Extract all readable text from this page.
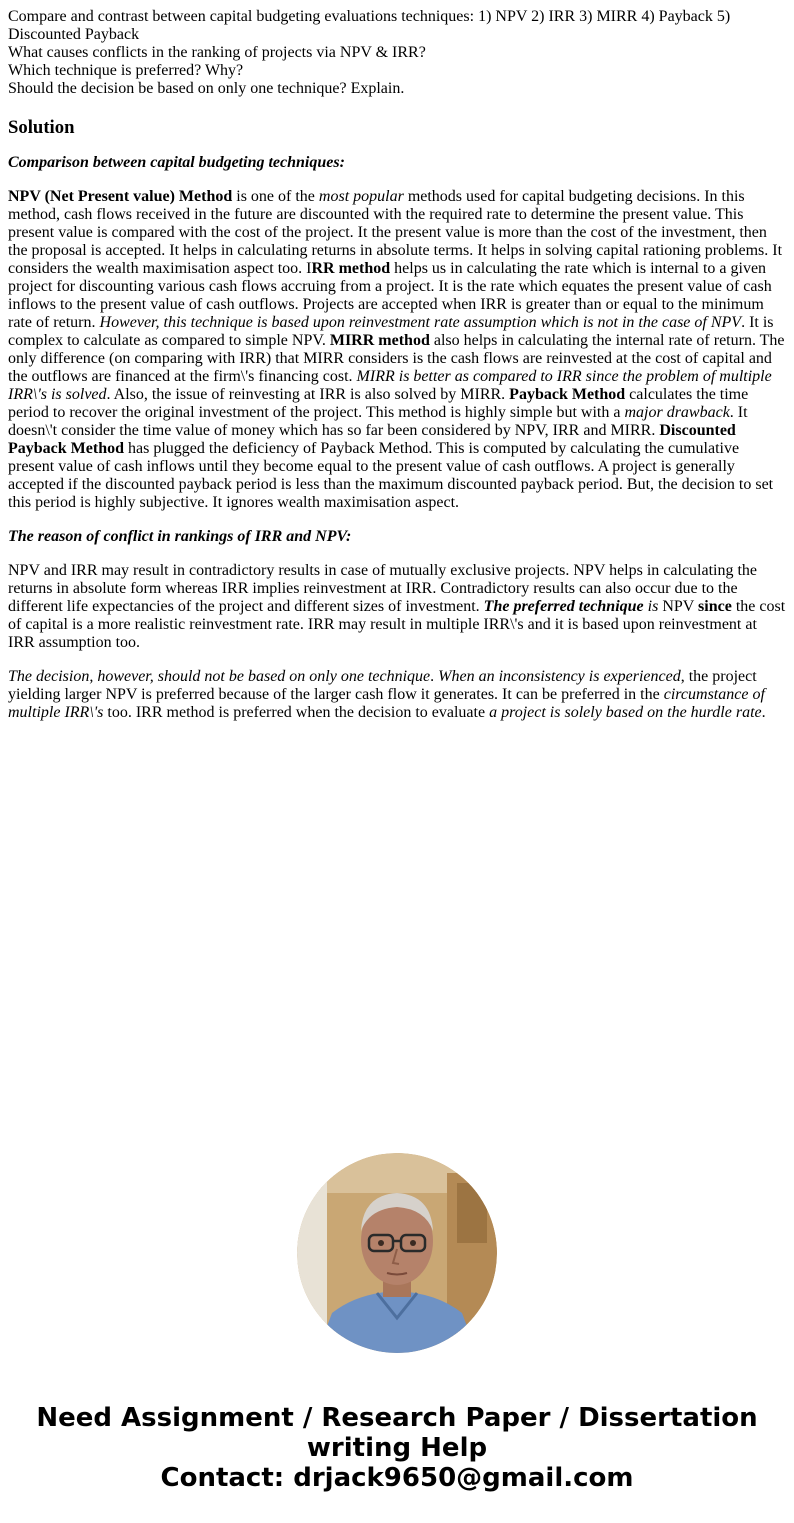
Compare and contrast between capital budgeting evaluations techniques: 1) NPV 2) IRR 3) MIRR 4) Payback 5) Discounted Payback

What causes conflicts in the ranking of projects via NPV & IRR?

Which technique is preferred? Why?

Should the decision be based on only one technique? Explain.

Solution

Comparison between capital budgeting techniques:

NPV (Net Present value) Method is one of the most popular methods used for capital budgeting decisions. In this method, cash flows received in the future are discounted with the required rate to determine the present value. This present value is compared with the cost of the project. It the present value is more than the cost of the investment, then the proposal is accepted. It helps in calculating returns in absolute terms. It helps in solving capital rationing problems. It considers the wealth maximisation aspect too. IRR method helps us in calculating the rate which is internal to a given project for discounting various cash flows accruing from a project. It is the rate which equates the present value of cash inflows to the present value of cash outflows. Projects are accepted when IRR is greater than or equal to the minimum rate of return. However, this technique is based upon reinvestment rate assumption which is not in the case of NPV. It is complex to calculate as compared to simple NPV. MIRR method also helps in calculating the internal rate of return. The only difference (on comparing with IRR) that MIRR considers is the cash flows are reinvested at the cost of capital and the outflows are financed at the firm\'s financing cost. MIRR is better as compared to IRR since the problem of multiple IRR\'s is solved. Also, the issue of reinvesting at IRR is also solved by MIRR. Payback Method calculates the time period to recover the original investment of the project. This method is highly simple but with a major drawback. It doesn\'t consider the time value of money which has so far been considered by NPV, IRR and MIRR. Discounted Payback Method has plugged the deficiency of Payback Method. This is computed by calculating the cumulative present value of cash inflows until they become equal to the present value of cash outflows. A project is generally accepted if the discounted payback period is less than the maximum discounted payback period. But, the decision to set this period is highly subjective. It ignores wealth maximisation aspect.

The reason of conflict in rankings of IRR and NPV:

NPV and IRR may result in contradictory results in case of mutually exclusive projects. NPV helps in calculating the returns in absolute form whereas IRR implies reinvestment at IRR. Contradictory results can also occur due to the different life expectancies of the project and different sizes of investment. The preferred technique is NPV since the cost of capital is a more realistic reinvestment rate. IRR may result in multiple IRR\'s and it is based upon reinvestment at IRR assumption too.

The decision, however, should not be based on only one technique. When an inconsistency is experienced, the project yielding larger NPV is preferred because of the larger cash flow it generates. It can be preferred in the circumstance of multiple IRR\'s too. IRR method is preferred when the decision to evaluate a project is solely based on the hurdle rate.

Need Assignment / Research Paper / Dissertation
writing Help
Contact: drjack9650@gmail.com
